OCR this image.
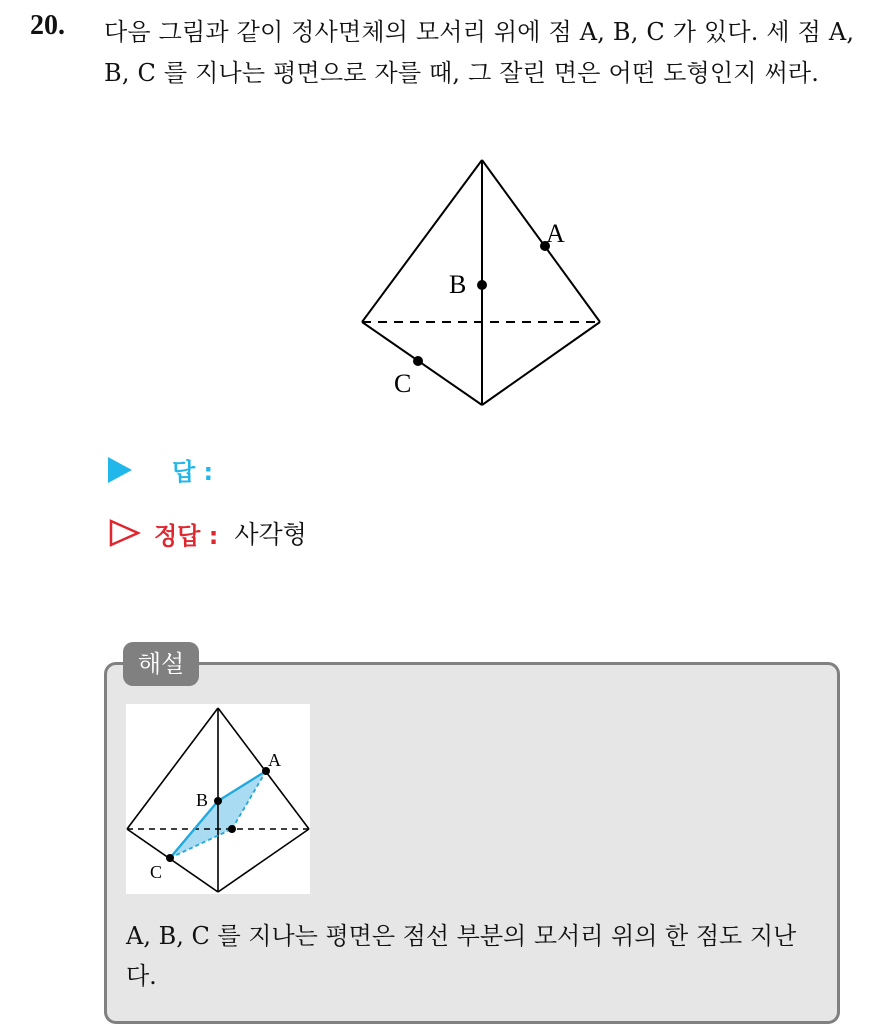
20. 다음 그림과 같이 정사면체의 모서리 위에 점 A, B, C 가 있다. 세 점 A, B, C 를 지나는 평면으로 자를 때, 그 잘린 면은 어떤 도형인지 써라.
A
B
C
답 :
정답 : 사각형
해설
A
B
C
A, B, C 를 지나는 평면은 점선 부분의 모서리 위의 한 점도 지난다.
